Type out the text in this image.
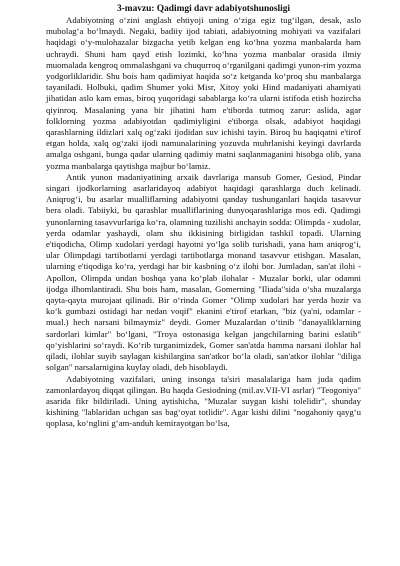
3-mavzu: Qadimgi davr adabiyotshunosligi

Adabiyotning o‘zini anglash ehtiyoji uning o‘ziga egiz tug‘ilgan, desak, aslo mubolag‘a bo‘lmaydi. Negaki, badiiy ijod tabiati, adabiyotning mohiyati va vazifalari haqidagi o‘y-mulohazalar bizgacha yetib kelgan eng ko‘hna yozma manbalarda ham uchraydi. Shuni ham qayd etish lozimki, ko‘hna yozma manbalar orasida ilmiy muomalada kengroq ommalashgani va chuqurroq o‘rganilgani qadimgi yunon-rim yozma yodgorliklaridir. Shu bois ham qadimiyat haqida so‘z ketganda ko‘proq shu manbalarga tayaniladi. Holbuki, qadim Shumer yoki Misr, Xitoy yoki Hind madaniyati ahamiyati jihatidan aslo kam emas, biroq yuqoridagi sabablarga ko‘ra ularni istifoda etish hozircha qiyinroq. Masalaning yana bir jihatini ham e'tiborda tutmoq zarur: aslida, agar folklorning yozma adabiyotdan qadimiyligini e'tiborga olsak, adabiyot haqidagi qarashlarning ildizlari xalq og‘zaki ijodidan suv ichishi tayin. Biroq bu haqiqatni e'tirof etgan holda, xalq og‘zaki ijodi namunalarining yozuvda muhrlanishi keyingi davrlarda amalga oshgani, bunga qadar ularning qadimiy matni saqlanmaganini hisobga olib, yana yozma manbalarga qaytishga majbur bo‘lamiz.

Antik yunon madaniyatining arxaik davrlariga mansub Gomer, Gesiod, Pindar singari ijodkorlarning asarlaridayoq adabiyot haqidagi qarashlarga duch kelinadi. Aniqrog‘i, bu asarlar mualliflarning adabiyotni qanday tushunganlari haqida tasavvur bera oladi. Tabiiyki, bu qarashlar mualliflarining dunyoqarashlariga mos edi. Qadimgi yunonlarning tasavvurlariga ko‘ra, olamning tuzilishi anchayin sodda: Olimpda - xudolar, yerda odamlar yashaydi, olam shu ikkisining birligidan tashkil topadi. Ularning e'tiqodicha, Olimp xudolari yerdagi hayotni yo‘lga solib turishadi, yana ham aniqrog‘i, ular Olimpdagi tartibotlarni yerdagi tartibotlarga monand tasavvur etishgan. Masalan, ularning e'tiqodiga ko‘ra, yerdagi har bir kasbning o‘z ilohi bor. Jumladan, san'at ilohi - Apollon, Olimpda undan boshqa yana ko‘plab ilohalar - Muzalar borki, ular odamni ijodga ilhomlantiradi. Shu bois ham, masalan, Gomerning "Iliada"sida o‘sha muzalarga qayta-qayta murojaat qilinadi. Bir o‘rinda Gomer "Olimp xudolari har yerda hozir va ko‘k gumbazi ostidagi har nedan voqif" ekanini e'tirof etarkan, "biz (ya'ni, odamlar - mual.) hech narsani bilmaymiz" deydi. Gomer Muzalardan o‘tinib "danayaliklarning sardorlari kimlar" bo‘lgani, "Troya ostonasiga kelgan jangchilarning barini eslatib" qo‘yishlarini so‘raydi. Ko‘rib turganimizdek, Gomer san'atda hamma narsani ilohlar hal qiladi, ilohlar suyib saylagan kishilargina san'atkor bo‘la oladi, san'atkor ilohlar "diliga solgan" narsalarnigina kuylay oladi, deb hisoblaydi.

Adabiyotning vazifalari, uning insonga ta'siri masalalariga ham juda qadim zamonlardayoq diqqat qilingan. Bu haqda Gesiodning (mil.av.VII-VI asrlar) "Teogoniya" asarida fikr bildiriladi. Uning aytishicha, "Muzalar suygan kishi tolelidir", shunday kishining "lablaridan uchgan sas bag‘oyat totlidir". Agar kishi dilini "nogahoniy qayg‘u qoplasa, ko‘nglini g‘am-anduh kemirayotgan bo‘lsa,
